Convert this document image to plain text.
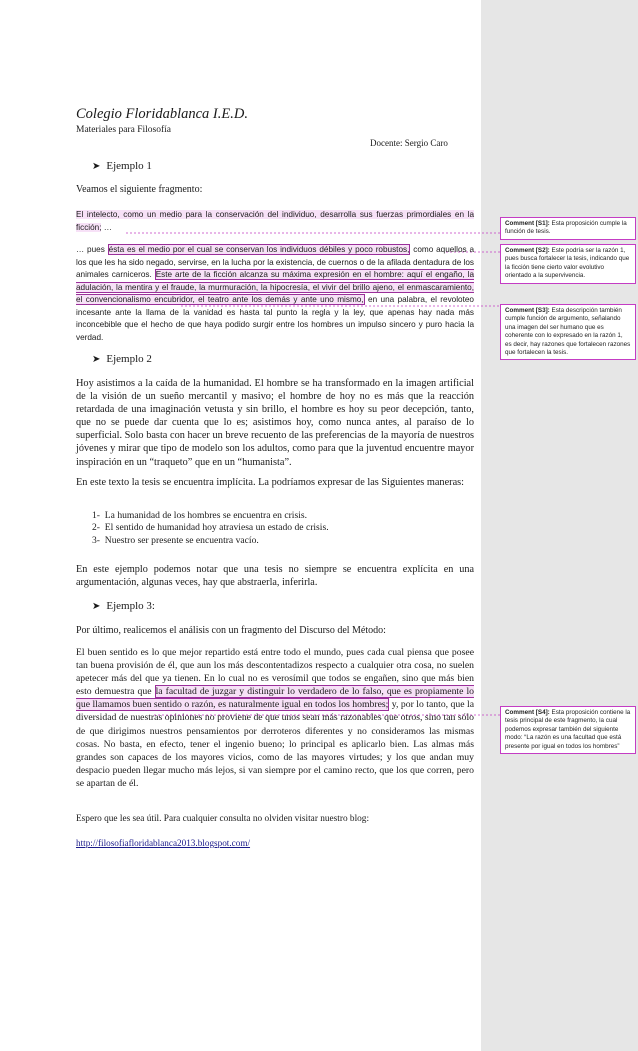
Colegio Floridablanca I.E.D.
Materiales para Filosofía
Docente: Sergio Caro
➤ Ejemplo 1
Veamos el siguiente fragmento:
El intelecto, como un medio para la conservación del individuo, desarrolla sus fuerzas primordiales en la ficción; …
… pues ésta es el medio por el cual se conservan los individuos débiles y poco robustos, como aquellos a los que les ha sido negado, servirse, en la lucha por la existencia, de cuernos o de la afilada dentadura de los animales carniceros. Este arte de la ficción alcanza su máxima expresión en el hombre: aquí el engaño, la adulación, la mentira y el fraude, la murmuración, la hipocresía, el vivir del brillo ajeno, el enmascaramiento, el convencionalismo encubridor, el teatro ante los demás y ante uno mismo, en una palabra, el revoloteo incesante ante la llama de la vanidad es hasta tal punto la regla y la ley, que apenas hay nada más inconcebible que el hecho de que haya podido surgir entre los hombres un impulso sincero y puro hacia la verdad.
➤ Ejemplo 2
Hoy asistimos a la caída de la humanidad. El hombre se ha transformado en la imagen artificial de la visión de un sueño mercantil y masivo; el hombre de hoy no es más que la reacción retardada de una imaginación vetusta y sin brillo, el hombre es hoy su peor decepción, tanto, que no se puede dar cuenta que lo es; asistimos hoy, como nunca antes, al paraíso de lo superficial. Solo basta con hacer un breve recuento de las preferencias de la mayoría de nuestros jóvenes y mirar que tipo de modelo son los adultos, como para que la juventud encuentre mayor inspiración en un “traqueto” que en un “humanista”.
En este texto la tesis se encuentra implícita. La podríamos expresar de las Siguientes maneras:
1- La humanidad de los hombres se encuentra en crisis.
2- El sentido de humanidad hoy atraviesa un estado de crisis.
3- Nuestro ser presente se encuentra vacío.
En este ejemplo podemos notar que una tesis no siempre se encuentra explícita en una argumentación, algunas veces, hay que abstraerla, inferirla.
➤ Ejemplo 3:
Por último, realicemos el análisis con un fragmento del Discurso del Método:
El buen sentido es lo que mejor repartido está entre todo el mundo, pues cada cual piensa que posee tan buena provisión de él, que aun los más descontentadizos respecto a cualquier otra cosa, no suelen apetecer más del que ya tienen. En lo cual no es verosímil que todos se engañen, sino que más bien esto demuestra que la facultad de juzgar y distinguir lo verdadero de lo falso, que es propiamente lo que llamamos buen sentido o razón, es naturalmente igual en todos los hombres; y, por lo tanto, que la diversidad de nuestras opiniones no proviene de que unos sean más razonables que otros, sino tan sólo de que dirigimos nuestros pensamientos por derroteros diferentes y no consideramos las mismas cosas. No basta, en efecto, tener el ingenio bueno; lo principal es aplicarlo bien. Las almas más grandes son capaces de los mayores vicios, como de las mayores virtudes; y los que andan muy despacio pueden llegar mucho más lejos, si van siempre por el camino recto, que los que corren, pero se apartan de él.
Espero que les sea útil. Para cualquier consulta no olviden visitar nuestro blog:
http://filosofiafloridablanca2013.blogspot.com/
Comment [S1]: Esta proposición cumple la función de tesis.
Comment [S2]: Este podría ser la razón 1, pues busca fortalecer la tesis, indicando que la ficción tiene cierto valor evolutivo orientado a la supervivencia.
Comment [S3]: Esta descripción también cumple función de argumento, señalando una imagen del ser humano que es coherente con lo expresado en la razón 1, es decir, hay razones que fortalecen razones que fortalecen la tesis.
Comment [S4]: Esta proposición contiene la tesis principal de este fragmento, la cual podemos expresar también del siguiente modo: “La razón es una facultad que está presente por igual en todos los hombres”
